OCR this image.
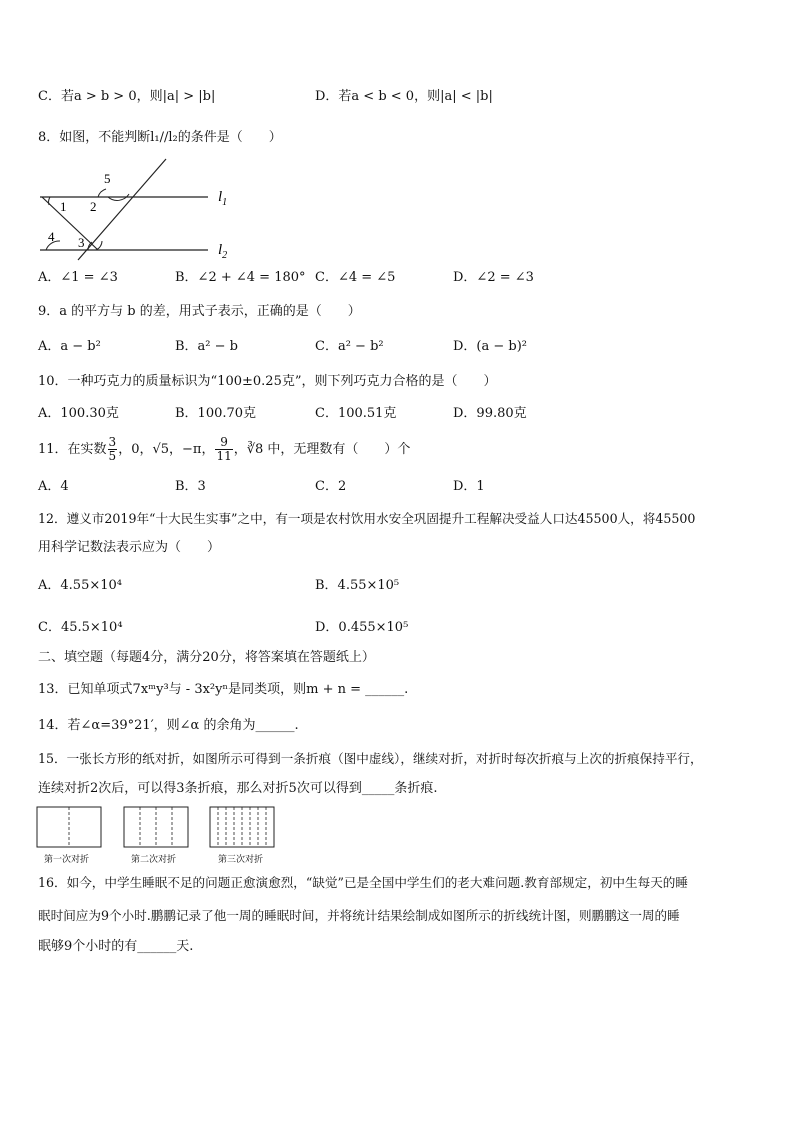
C．若a > b > 0，则|a| > |b|	D．若a < b < 0，则|a| < |b|
8．如图，不能判断l₁//l₂的条件是（　　）
1 2
3
4
5
$l_1$
$l_2$
A．∠1 = ∠3	B．∠2 + ∠4 = 180° C．∠4 = ∠5	D．∠2 = ∠3
9．a 的平方与 b 的差，用式子表示，正确的是（　　）
A．a − b²	B．a² − b	C．a² − b²	D．(a − b)²
10．一种巧克力的质量标识为“100±0.25克”，则下列巧克力合格的是（　　）
A．100.30克	B．100.70克	C．100.51克	D．99.80克
11．在实数 $\frac{3}{5}$ ，0，√5，−π， $\frac{9}{11}$ ，∛8 中，无理数有（　　）个
A．4	B．3	C．2	D．1
12．遵义市2019年“十大民生实事”之中，有一项是农村饮用水安全巩固提升工程解决受益人口达45500人，将45500
用科学记数法表示应为（　　）
A．4.55×10⁴	B．4.55×10⁵
C．45.5×10⁴	D．0.455×10⁵
二、填空题（每题4分，满分20分，将答案填在答题纸上）
13．已知单项式7xᵐy³与 - 3x²yⁿ是同类项，则m + n = ______.
14．若∠α=39°21′，则∠α 的余角为______.
15．一张长方形的纸对折，如图所示可得到一条折痕（图中虚线），继续对折，对折时每次折痕与上次的折痕保持平行，
连续对折2次后，可以得3条折痕，那么对折5次可以得到_____条折痕.
第一次对折	第二次对折	第三次对折
16．如今，中学生睡眠不足的问题正愈演愈烈，“缺觉”已是全国中学生们的老大难问题.教育部规定，初中生每天的睡
眠时间应为9个小时.鹏鹏记录了他一周的睡眠时间，并将统计结果绘制成如图所示的折线统计图，则鹏鹏这一周的睡
眠够9个小时的有______天.
